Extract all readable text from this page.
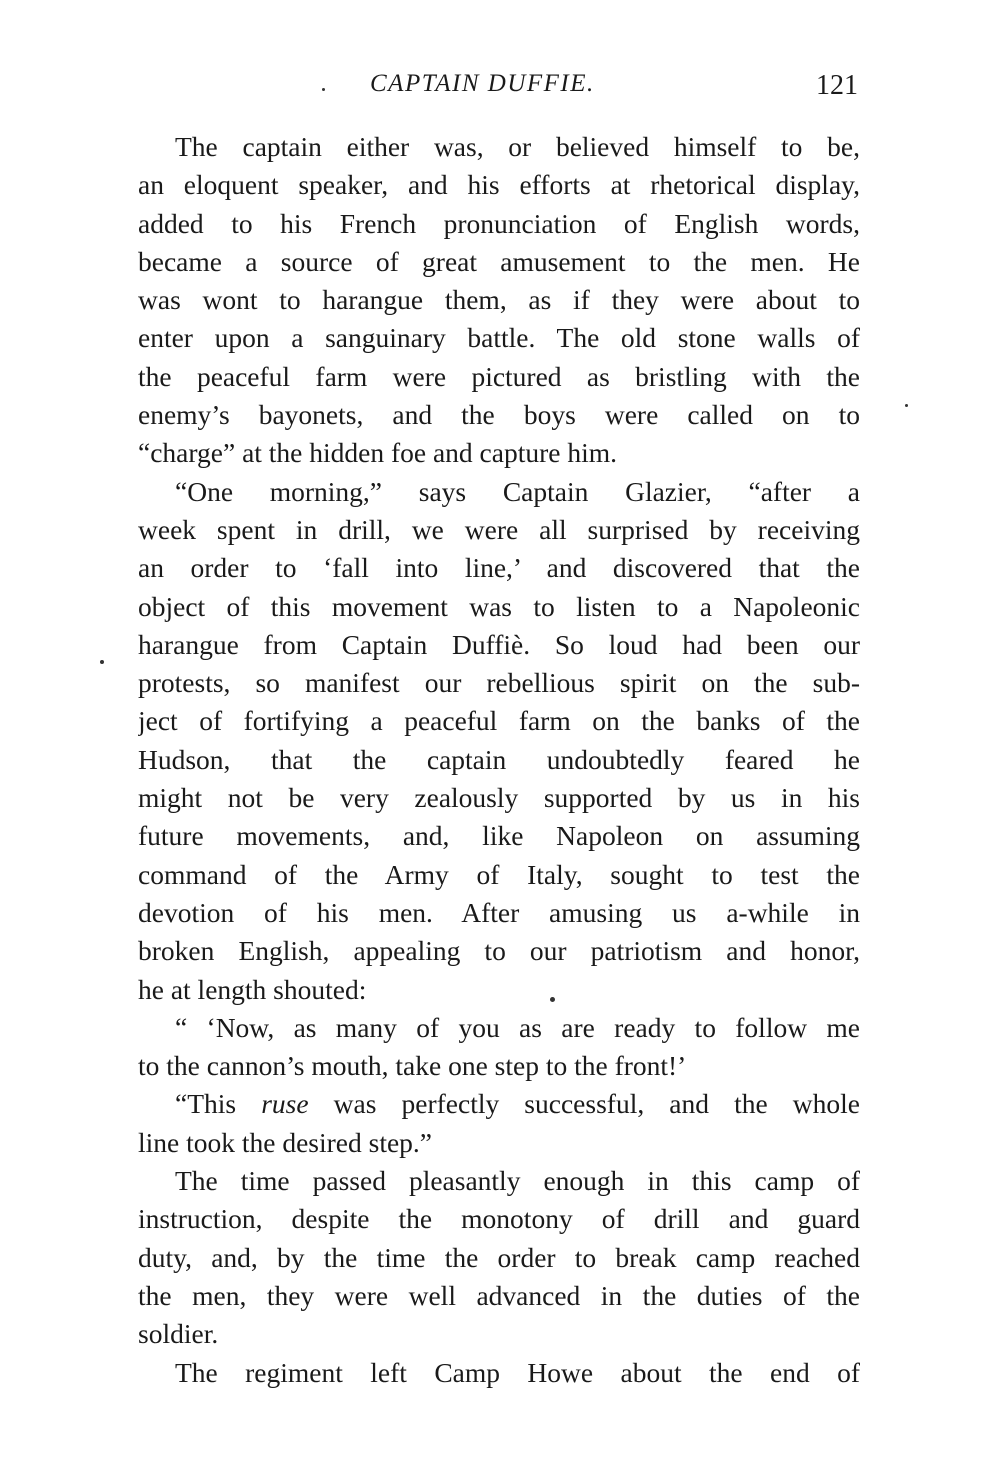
CAPTAIN DUFFIE.	121
The captain either was, or believed himself to be,
an eloquent speaker, and his efforts at rhetorical display,
added to his French pronunciation of English words,
became a source of great amusement to the men. He
was wont to harangue them, as if they were about to
enter upon a sanguinary battle. The old stone walls of
the peaceful farm were pictured as bristling with the
enemy’s bayonets, and the boys were called on to
“charge” at the hidden foe and capture him.
“One morning,” says Captain Glazier, “after a
week spent in drill, we were all surprised by receiving
an order to ‘fall into line,’ and discovered that the
object of this movement was to listen to a Napoleonic
harangue from Captain Duffiè. So loud had been our
protests, so manifest our rebellious spirit on the sub-
ject of fortifying a peaceful farm on the banks of the
Hudson, that the captain undoubtedly feared he
might not be very zealously supported by us in his
future movements, and, like Napoleon on assuming
command of the Army of Italy, sought to test the
devotion of his men. After amusing us a-while in
broken English, appealing to our patriotism and honor,
he at length shouted:
“ ‘Now, as many of you as are ready to follow me
to the cannon’s mouth, take one step to the front!’
“This ruse was perfectly successful, and the whole
line took the desired step.”
The time passed pleasantly enough in this camp of
instruction, despite the monotony of drill and guard
duty, and, by the time the order to break camp reached
the men, they were well advanced in the duties of the
soldier.
The regiment left Camp Howe about the end of
